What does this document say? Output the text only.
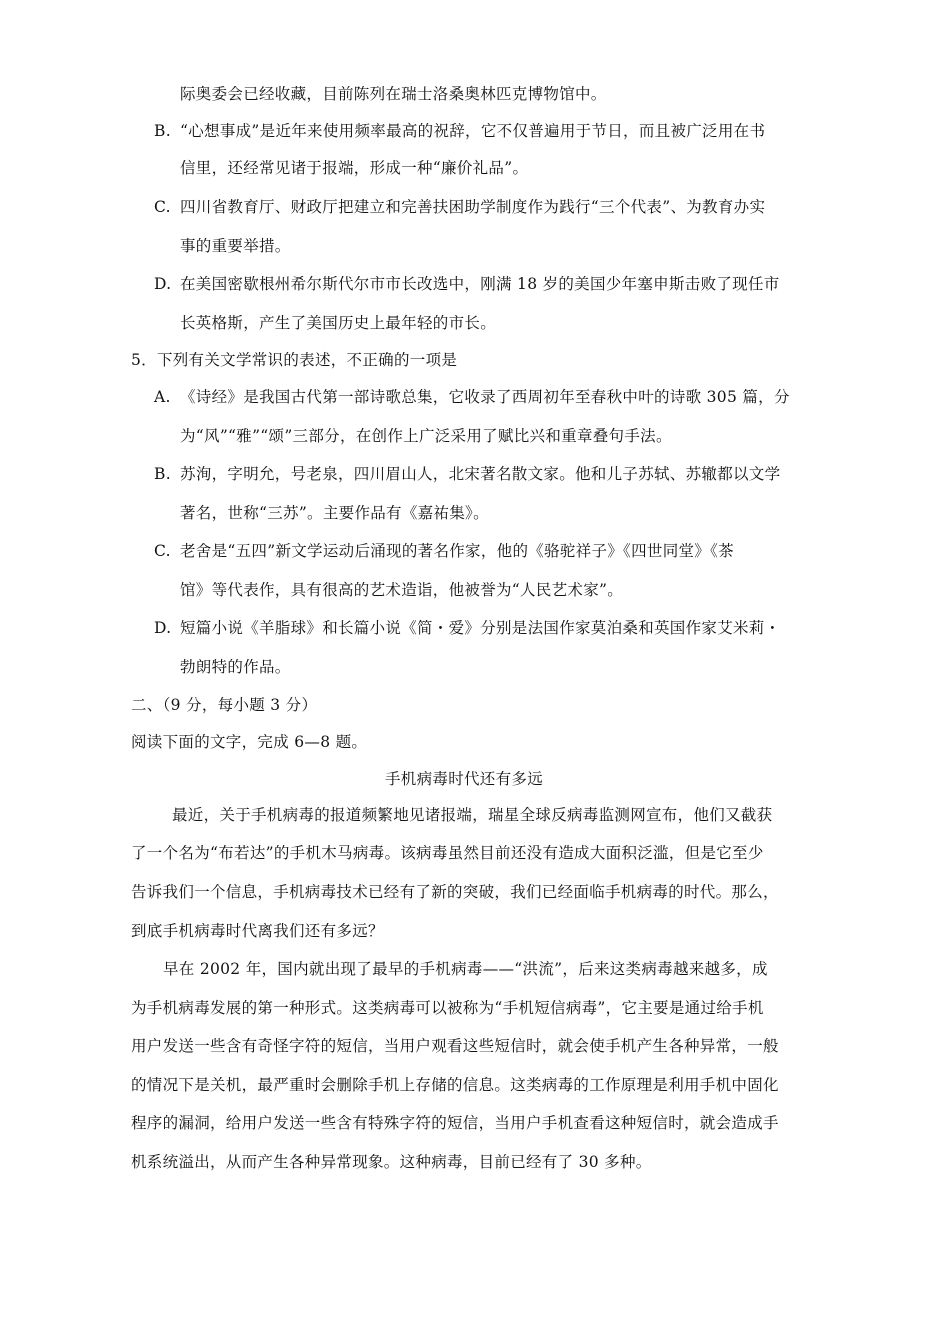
际奥委会已经收藏，目前陈列在瑞士洛桑奥林匹克博物馆中。
B. “心想事成”是近年来使用频率最高的祝辞，它不仅普遍用于节日，而且被广泛用在书
信里，还经常见诸于报端，形成一种“廉价礼品”。
C. 四川省教育厅、财政厅把建立和完善扶困助学制度作为践行“三个代表”、为教育办实
事的重要举措。
D. 在美国密歇根州希尔斯代尔市市长改选中，刚满 18 岁的美国少年塞申斯击败了现任市
长英格斯，产生了美国历史上最年轻的市长。
5．下列有关文学常识的表述，不正确的一项是
A. 《诗经》是我国古代第一部诗歌总集，它收录了西周初年至春秋中叶的诗歌 305 篇，分
为“风”“雅”“颂”三部分，在创作上广泛采用了赋比兴和重章叠句手法。
B. 苏洵，字明允，号老泉，四川眉山人，北宋著名散文家。他和儿子苏轼、苏辙都以文学
著名，世称“三苏”。主要作品有《嘉祐集》。
C. 老舍是“五四”新文学运动后涌现的著名作家，他的《骆驼祥子》《四世同堂》《茶
馆》等代表作，具有很高的艺术造诣，他被誉为“人民艺术家”。
D. 短篇小说《羊脂球》和长篇小说《简・爱》分别是法国作家莫泊桑和英国作家艾米莉・
勃朗特的作品。
二、（9 分，每小题 3 分）
阅读下面的文字，完成 6—8 题。
手机病毒时代还有多远
最近，关于手机病毒的报道频繁地见诸报端，瑞星全球反病毒监测网宣布，他们又截获
了一个名为“布若达”的手机木马病毒。该病毒虽然目前还没有造成大面积泛滥，但是它至少
告诉我们一个信息，手机病毒技术已经有了新的突破，我们已经面临手机病毒的时代。那么，
到底手机病毒时代离我们还有多远？
早在 2002 年，国内就出现了最早的手机病毒——“洪流”，后来这类病毒越来越多，成
为手机病毒发展的第一种形式。这类病毒可以被称为“手机短信病毒”，它主要是通过给手机
用户发送一些含有奇怪字符的短信，当用户观看这些短信时，就会使手机产生各种异常，一般
的情况下是关机，最严重时会删除手机上存储的信息。这类病毒的工作原理是利用手机中固化
程序的漏洞，给用户发送一些含有特殊字符的短信，当用户手机查看这种短信时，就会造成手
机系统溢出，从而产生各种异常现象。这种病毒，目前已经有了 30 多种。
